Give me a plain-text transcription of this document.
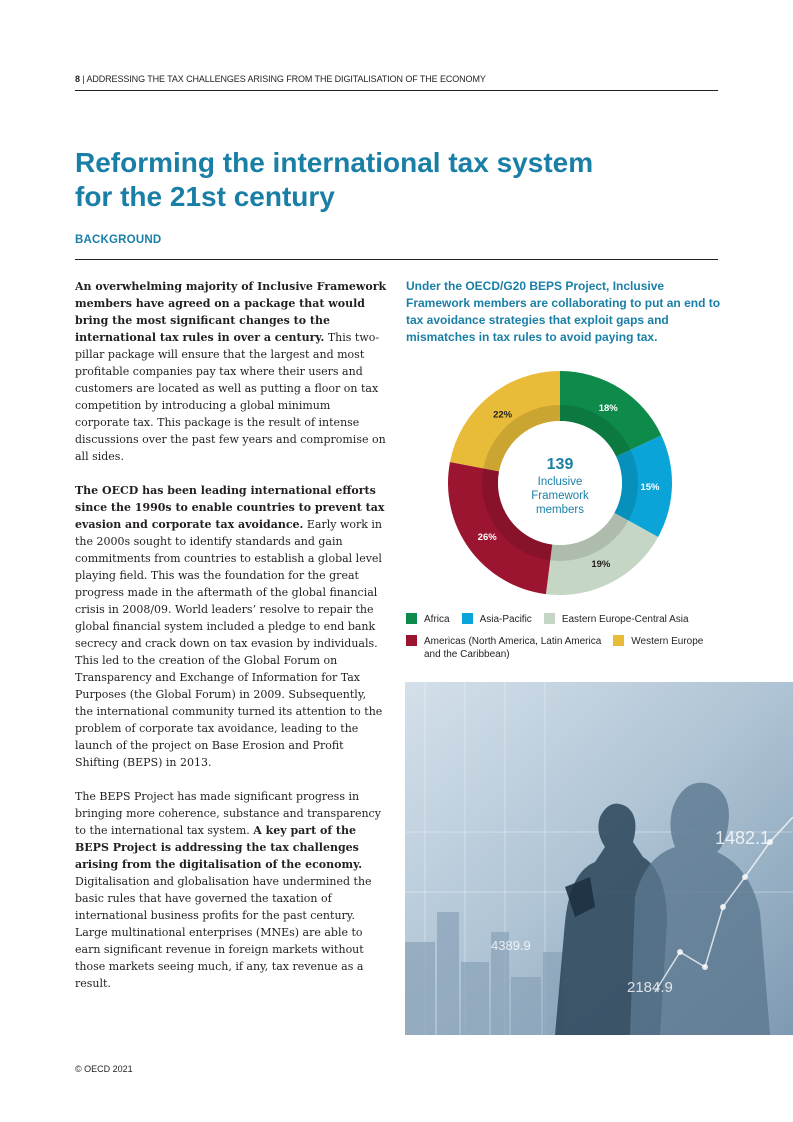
8 | ADDRESSING THE TAX CHALLENGES ARISING FROM THE DIGITALISATION OF THE ECONOMY
Reforming the international tax system
for the 21st century
BACKGROUND

An overwhelming majority of Inclusive Framework members have agreed on a package that would bring the most significant changes to the international tax rules in over a century. This two-pillar package will ensure that the largest and most profitable companies pay tax where their users and customers are located as well as putting a floor on tax competition by introducing a global minimum corporate tax. This package is the result of intense discussions over the past few years and compromise on all sides.

The OECD has been leading international efforts since the 1990s to enable countries to prevent tax evasion and corporate tax avoidance. Early work in the 2000s sought to identify standards and gain commitments from countries to establish a global level playing field. This was the foundation for the great progress made in the aftermath of the global financial crisis in 2008/09. World leaders’ resolve to repair the global financial system included a pledge to end bank secrecy and crack down on tax evasion by individuals. This led to the creation of the Global Forum on Transparency and Exchange of Information for Tax Purposes (the Global Forum) in 2009. Subsequently, the international community turned its attention to the problem of corporate tax avoidance, leading to the launch of the project on Base Erosion and Profit Shifting (BEPS) in 2013.

The BEPS Project has made significant progress in bringing more coherence, substance and transparency to the international tax system. A key part of the BEPS Project is addressing the tax challenges arising from the digitalisation of the economy. Digitalisation and globalisation have undermined the basic rules that have governed the taxation of international business profits for the past century. Large multinational enterprises (MNEs) are able to earn significant revenue in foreign markets without those markets seeing much, if any, tax revenue as a result.

Under the OECD/G20 BEPS Project, Inclusive Framework members are collaborating to put an end to tax avoidance strategies that exploit gaps and mismatches in tax rules to avoid paying tax.
18%
15%
19%
26%
22%
139
Inclusive
Framework
members
Africa	Asia-Pacific	Eastern Europe-Central Asia
Americas (North America, Latin America
and the Caribbean)
Western Europe
1482.1
4389.9
2184.9
© OECD 2021
